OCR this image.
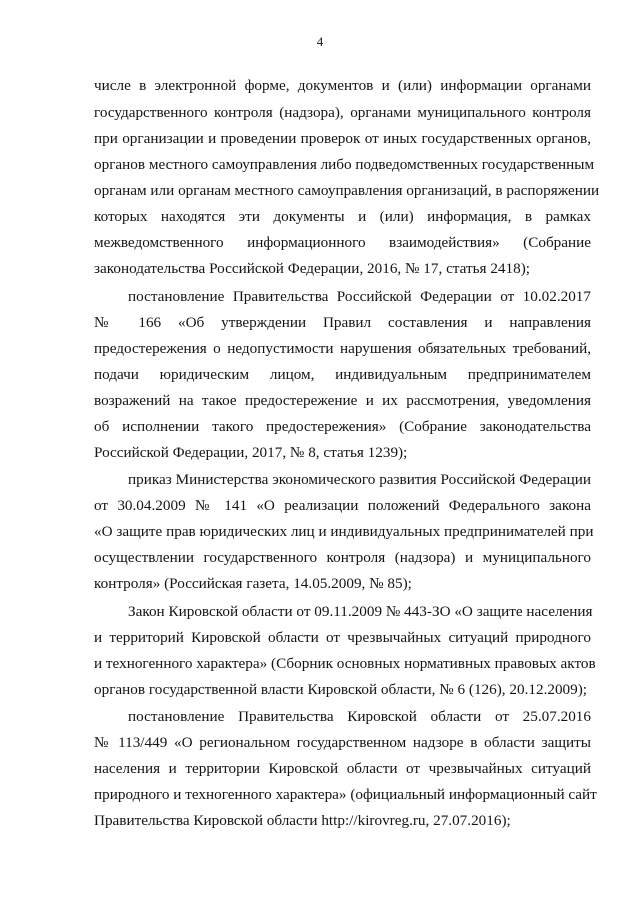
4
числе в электронной форме, документов и (или) информации органами
государственного контроля (надзора), органами муниципального контроля
при организации и проведении проверок от иных государственных органов,
органов местного самоуправления либо подведомственных государственным
органам или органам местного самоуправления организаций, в распоряжении
которых находятся эти документы и (или) информация, в рамках
межведомственного информационного взаимодействия» (Собрание
законодательства Российской Федерации, 2016, № 17, статья 2418);
постановление Правительства Российской Федерации от 10.02.2017
№ 166 «Об утверждении Правил составления и направления
предостережения о недопустимости нарушения обязательных требований,
подачи юридическим лицом, индивидуальным предпринимателем
возражений на такое предостережение и их рассмотрения, уведомления
об исполнении такого предостережения» (Собрание законодательства
Российской Федерации, 2017, № 8, статья 1239);
приказ Министерства экономического развития Российской Федерации
от 30.04.2009 № 141 «О реализации положений Федерального закона
«О защите прав юридических лиц и индивидуальных предпринимателей при
осуществлении государственного контроля (надзора) и муниципального
контроля» (Российская газета, 14.05.2009, № 85);
Закон Кировской области от 09.11.2009 № 443-ЗО «О защите населения
и территорий Кировской области от чрезвычайных ситуаций природного
и техногенного характера» (Сборник основных нормативных правовых актов
органов государственной власти Кировской области, № 6 (126), 20.12.2009);
постановление Правительства Кировской области от 25.07.2016
№ 113/449 «О региональном государственном надзоре в области защиты
населения и территории Кировской области от чрезвычайных ситуаций
природного и техногенного характера» (официальный информационный сайт
Правительства Кировской области http://kirovreg.ru, 27.07.2016);
